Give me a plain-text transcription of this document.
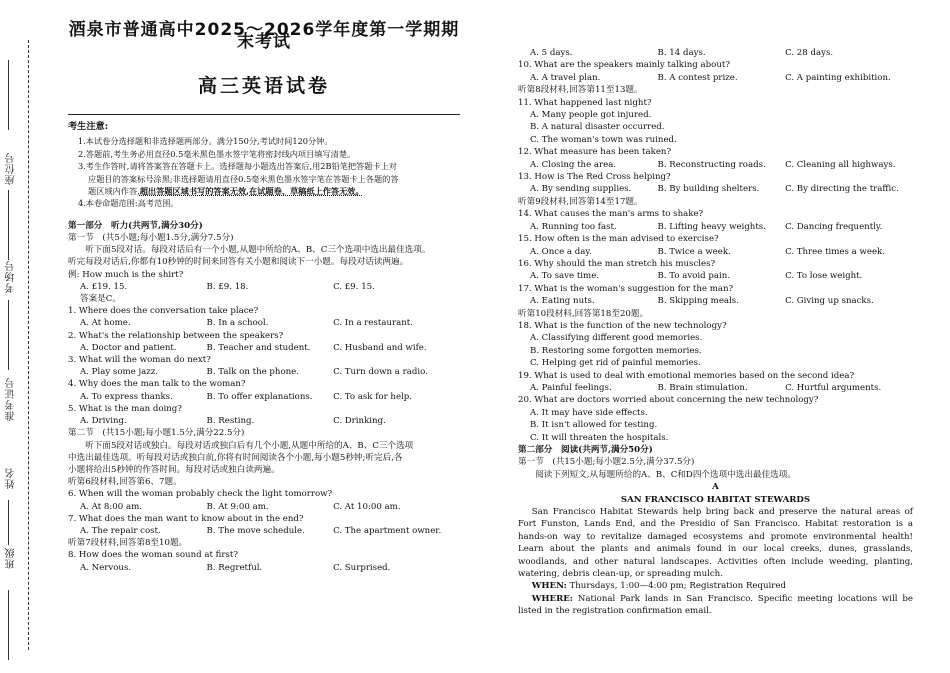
座位号
考场号
准考证号
姓名
班级
酒泉市普通高中2025～2026学年度第一学期期末考试
高三英语试卷
考生注意:
1.本试卷分选择题和非选择题两部分。满分150分,考试时间120分钟。
2.答题前,考生务必用直径0.5毫米黑色墨水签字笔将密封线内项目填写清楚。
3.考生作答时,请将答案答在答题卡上。选择题每小题选出答案后,用2B铅笔把答题卡上对
应题目的答案标号涂黑;非选择题请用直径0.5毫米黑色墨水签字笔在答题卡上各题的答
题区域内作答,超出答题区域书写的答案无效,在试题卷、草稿纸上作答无效。
4.本卷命题范围:高考范围。
第一部分　听力(共两节,满分30分)
第一节　(共5小题;每小题1.5分,满分7.5分)
听下面5段对话。每段对话后有一个小题,从题中所给的A、B、C三个选项中选出最佳选项。
听完每段对话后,你都有10秒钟的时间来回答有关小题和阅读下一小题。每段对话读两遍。
例: How much is the shirt?
A. £19. 15.	B. £9. 18.	C. £9. 15.
答案是C。
1. Where does the conversation take place?
A. At home.	B. In a school.	C. In a restaurant.
2. What's the relationship between the speakers?
A. Doctor and patient.	B. Teacher and student.	C. Husband and wife.
3. What will the woman do next?
A. Play some jazz.	B. Talk on the phone.	C. Turn down a radio.
4. Why does the man talk to the woman?
A. To express thanks.	B. To offer explanations.	C. To ask for help.
5. What is the man doing?
A. Driving.	B. Resting.	C. Drinking.
第二节　(共15小题;每小题1.5分,满分22.5分)
听下面5段对话或独白。每段对话或独白后有几个小题,从题中所给的A、B、C三个选项
中选出最佳选项。听每段对话或独白前,你将有时间阅读各个小题,每小题5秒钟;听完后,各
小题将给出5秒钟的作答时间。每段对话或独白读两遍。
听第6段材料,回答第6、7题。
6. When will the woman probably check the light tomorrow?
A. At 8:00 am.	B. At 9:00 am.	C. At 10:00 am.
7. What does the man want to know about in the end?
A. The repair cost.	B. The move schedule.	C. The apartment owner.
听第7段材料,回答第8至10题。
8. How does the woman sound at first?
A. Nervous.	B. Regretful.	C. Surprised.
A. 5 days.	B. 14 days.	C. 28 days.
10. What are the speakers mainly talking about?
A. A travel plan.	B. A contest prize.	C. A painting exhibition.
听第8段材料,回答第11至13题。
11. What happened last night?
A. Many people got injured.
B. A natural disaster occurred.
C. The woman's town was ruined.
12. What measure has been taken?
A. Closing the area.	B. Reconstructing roads.	C. Cleaning all highways.
13. How is The Red Cross helping?
A. By sending supplies.	B. By building shelters.	C. By directing the traffic.
听第9段材料,回答第14至17题。
14. What causes the man's arms to shake?
A. Running too fast.	B. Lifting heavy weights.	C. Dancing frequently.
15. How often is the man advised to exercise?
A. Once a day.	B. Twice a week.	C. Three times a week.
16. Why should the man stretch his muscles?
A. To save time.	B. To avoid pain.	C. To lose weight.
17. What is the woman's suggestion for the man?
A. Eating nuts.	B. Skipping meals.	C. Giving up snacks.
听第10段材料,回答第18至20题。
18. What is the function of the new technology?
A. Classifying different good memories.
B. Restoring some forgotten memories.
C. Helping get rid of painful memories.
19. What is used to deal with emotional memories based on the second idea?
A. Painful feelings.	B. Brain stimulation.	C. Hurtful arguments.
20. What are doctors worried about concerning the new technology?
A. It may have side effects.
B. It isn't allowed for testing.
C. It will threaten the hospitals.
第二部分　阅读(共两节,满分50分)
第一节　(共15小题;每小题2.5分,满分37.5分)
阅读下列短文,从每题所给的A、B、C和D四个选项中选出最佳选项。
A
SAN FRANCISCO HABITAT STEWARDS
San Francisco Habitat Stewards help bring back and preserve the natural areas of Fort Funston, Lands End, and the Presidio of San Francisco. Habitat restoration is a hands-on way to revitalize damaged ecosystems and promote environmental health! Learn about the plants and animals found in our local creeks, dunes, grasslands, woodlands, and other natural landscapes. Activities often include weeding, planting, watering, debris clean-up, or spreading mulch.
WHEN: Thursdays, 1:00—4:00 pm; Registration Required
WHERE: National Park lands in San Francisco. Specific meeting locations will be listed in the registration confirmation email.
